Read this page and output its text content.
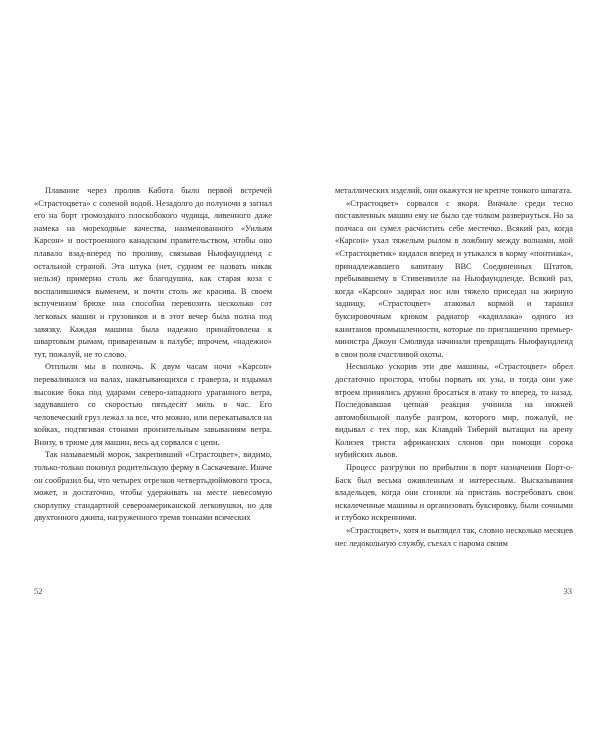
Плавание через пролив Кабота было первой встречей «Страстоцвета» с соленой водой. Незадолго до полуночи я загнал его на борт громоздкого плоскобокого чудища, ливенного даже намека на мореходные качества, наименованного «Уильям Карсон» и построенного канадским правительством, чтобы оно плавало взад-вперед по проливу, связывая Ньюфаундленд с остальной страной. Эта штука (нет, судном ее назвать никак нельзя) примерно столь же благодушна, как старая коза с воспалившимся выменем, и почти столь же красива. В своем вспученном брюхе она способна перевозить несколько сот легковых машин и грузовиков и в этот вечер была полна под завязку. Каждая машина была надежно принайтовлена к швартовым рымам, приваренным к палубе; впрочем, «надежно» тут, пожалуй, не то слово.

Отплыли мы в полночь. К двум часам ночи «Карсон» переваливался на валах, накатывающихся с траверза, и вздымал высокие бока под ударами северо-западного ураганного ветра, задувавшего со скоростью пятьдесят миль в час. Его человеческий груз лежал за все, что можно, или перекатывался на койках, подтягивая стонами пронзительным завываниям ветра. Внизу, в трюме для машин, весь ад сорвался с цепи.

Так называемый морок, закрепивший «Страстоцвет», видимо, только-только покинул родительскую ферму в Саскачеване. Иначе он сообразил бы, что четырех отрезков четвертьдюймового троса, может, и достаточно, чтобы удерживать на месте невесомую скорлупку стандартной североамериканской легковушки, но для двухтонного джипа, нагруженного тремя тоннами всяческих

52

металлических изделий, они окажутся не крепче тонкого шпагата.

«Страстоцвет» сорвался с якоря. Вначале среди тесно поставленных машин ему не было где толком развернуться. Но за полчаса он сумел расчистить себе местечко. Всякий раз, когда «Карсон» ухал тяжелым рылом в ложбину между волнами, мой «Страстоцветик» кидался вперед и утыкался в корму «понтиака», принадлежавшего капитану ВВС Соединенных Штатов, пребывавшему в Стивенвилле на Ньюфаундленде. Всякий раз, когда «Карсон» задирал нос или тяжело приседал на жирную задницу, «Страстоцвет» атаковал кормой и таранил буксировочным крюком радиатор «кадиллака» одного из канитанов промышленности, которые по приглашению премьер-министра Джоуи Смолвуда начинали превращать Ньюфаундленд в свои поля счастливой охоты.

Несколько ускорив эти две машины, «Страстоцвет» обрел достаточно простора, чтобы порвать их узы, и тогда они уже втроем принялись дружно бросаться в атаку то вперед, то назад. Последовавшая цепная реакция учинила на нижней автомобильной палубе разгром, которого мир, пожалуй, не видывал с тех пор, как Клавдий Тиберий вытащил на арену Колизея триста африканских слонов при помощи сорока нубийских львов.

Процесс разгрузки по прибытии в порт назначения Порт-о-Баск был весьма оживленным и интересным. Высказывания владельцев, когда они сгоняли на пристань востребовать свои искалеченные машины и организовать буксировку, были сочными и глубоко искренними.

«Страстоцвет», хотя и выглядел так, словно несколько месяцев нес ледокольную службу, съехал с парома своим

33
